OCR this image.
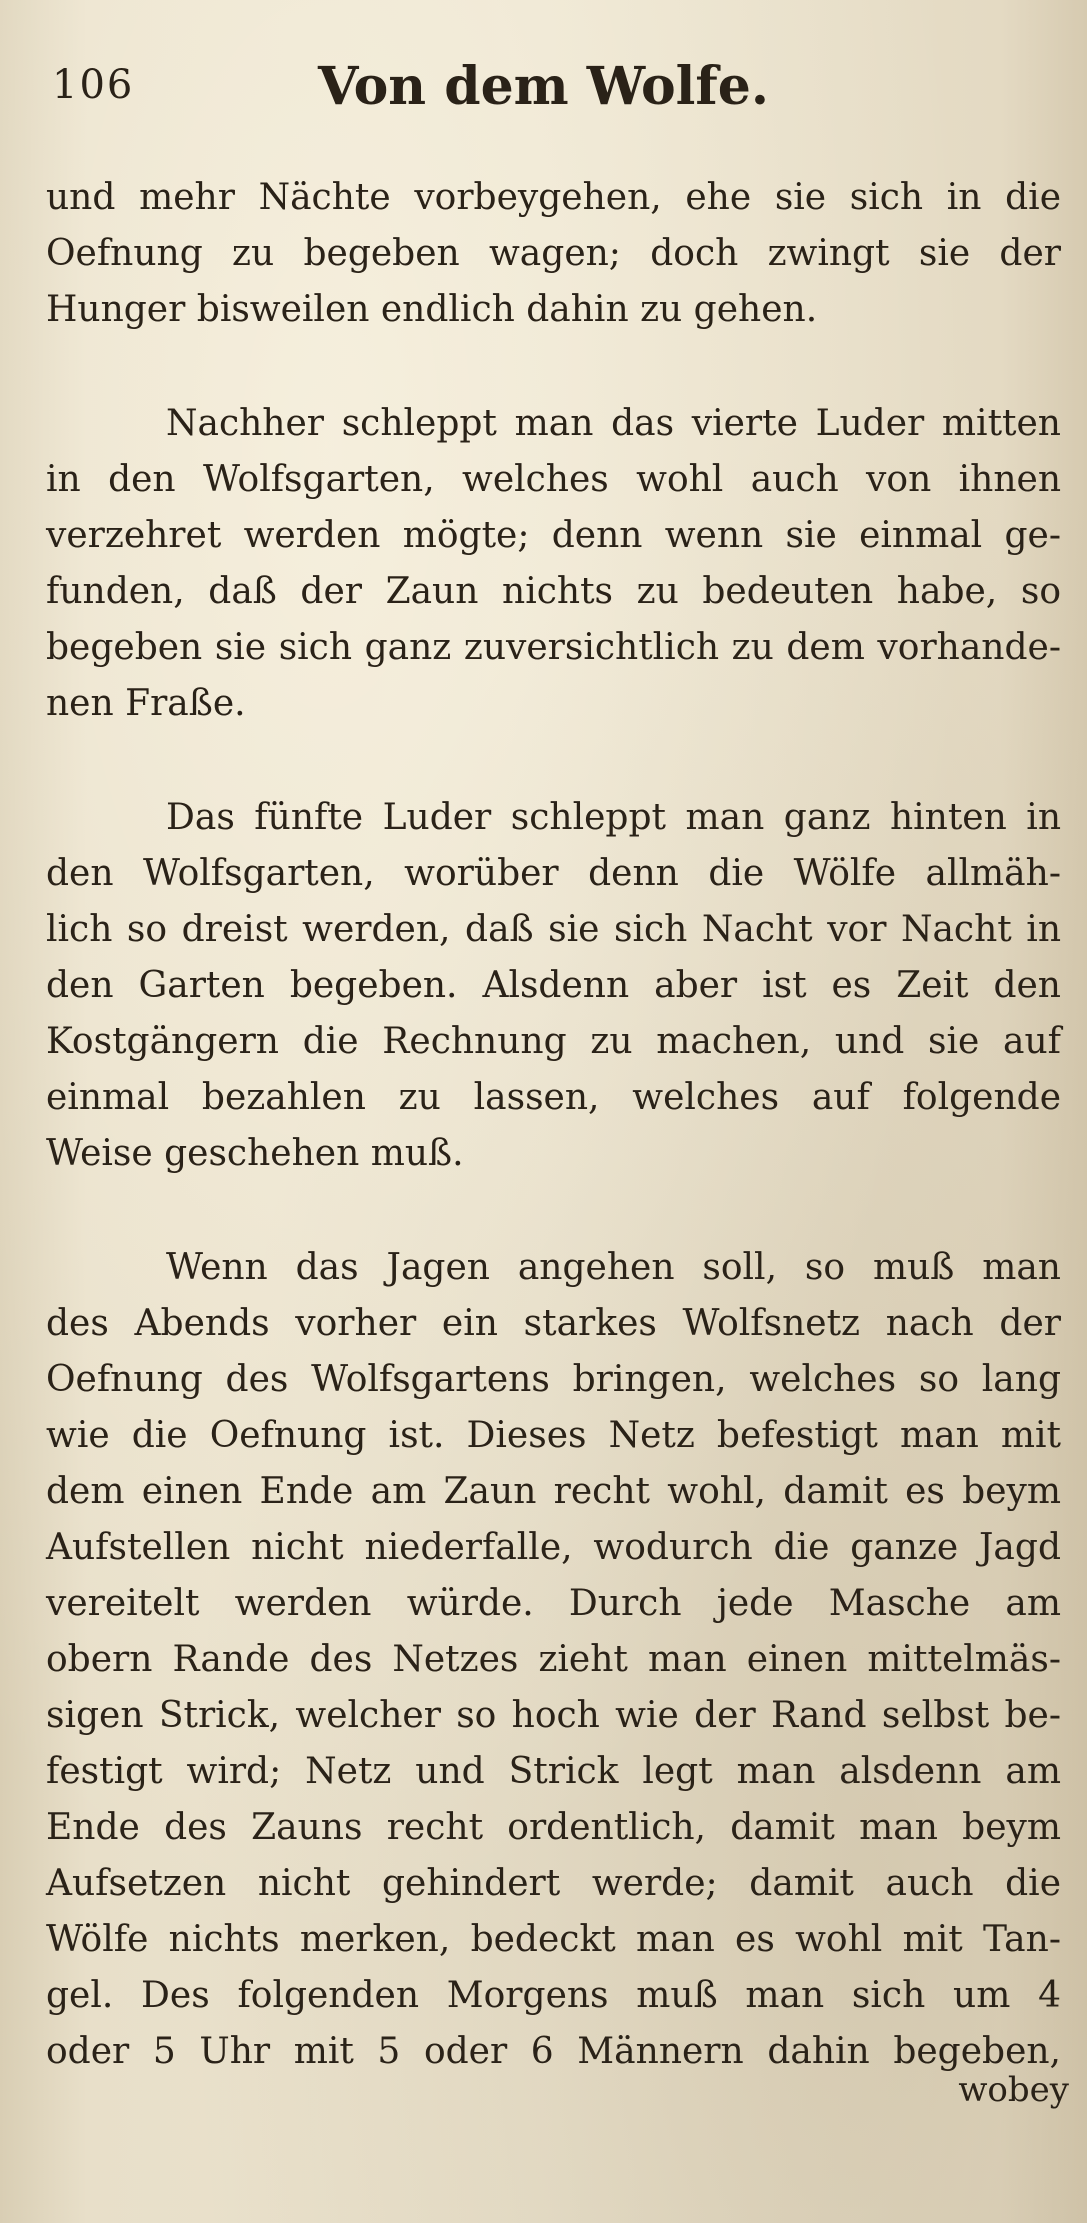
106	Von dem Wolfe.
und mehr Nächte vorbeygehen, ehe sie sich in die
Oefnung zu begeben wagen; doch zwingt sie der
Hunger bisweilen endlich dahin zu gehen.
Nachher schleppt man das vierte Luder mitten
in den Wolfsgarten, welches wohl auch von ihnen
verzehret werden mögte; denn wenn sie einmal ge-
funden, daß der Zaun nichts zu bedeuten habe, so
begeben sie sich ganz zuversichtlich zu dem vorhande-
nen Fraße.
Das fünfte Luder schleppt man ganz hinten in
den Wolfsgarten, worüber denn die Wölfe allmäh-
lich so dreist werden, daß sie sich Nacht vor Nacht in
den Garten begeben. Alsdenn aber ist es Zeit den
Kostgängern die Rechnung zu machen, und sie auf
einmal bezahlen zu lassen, welches auf folgende
Weise geschehen muß.
Wenn das Jagen angehen soll, so muß man
des Abends vorher ein starkes Wolfsnetz nach der
Oefnung des Wolfsgartens bringen, welches so lang
wie die Oefnung ist. Dieses Netz befestigt man mit
dem einen Ende am Zaun recht wohl, damit es beym
Aufstellen nicht niederfalle, wodurch die ganze Jagd
vereitelt werden würde. Durch jede Masche am
obern Rande des Netzes zieht man einen mittelmäs-
sigen Strick, welcher so hoch wie der Rand selbst be-
festigt wird; Netz und Strick legt man alsdenn am
Ende des Zauns recht ordentlich, damit man beym
Aufsetzen nicht gehindert werde; damit auch die
Wölfe nichts merken, bedeckt man es wohl mit Tan-
gel. Des folgenden Morgens muß man sich um 4
oder 5 Uhr mit 5 oder 6 Männern dahin begeben,
wobey
